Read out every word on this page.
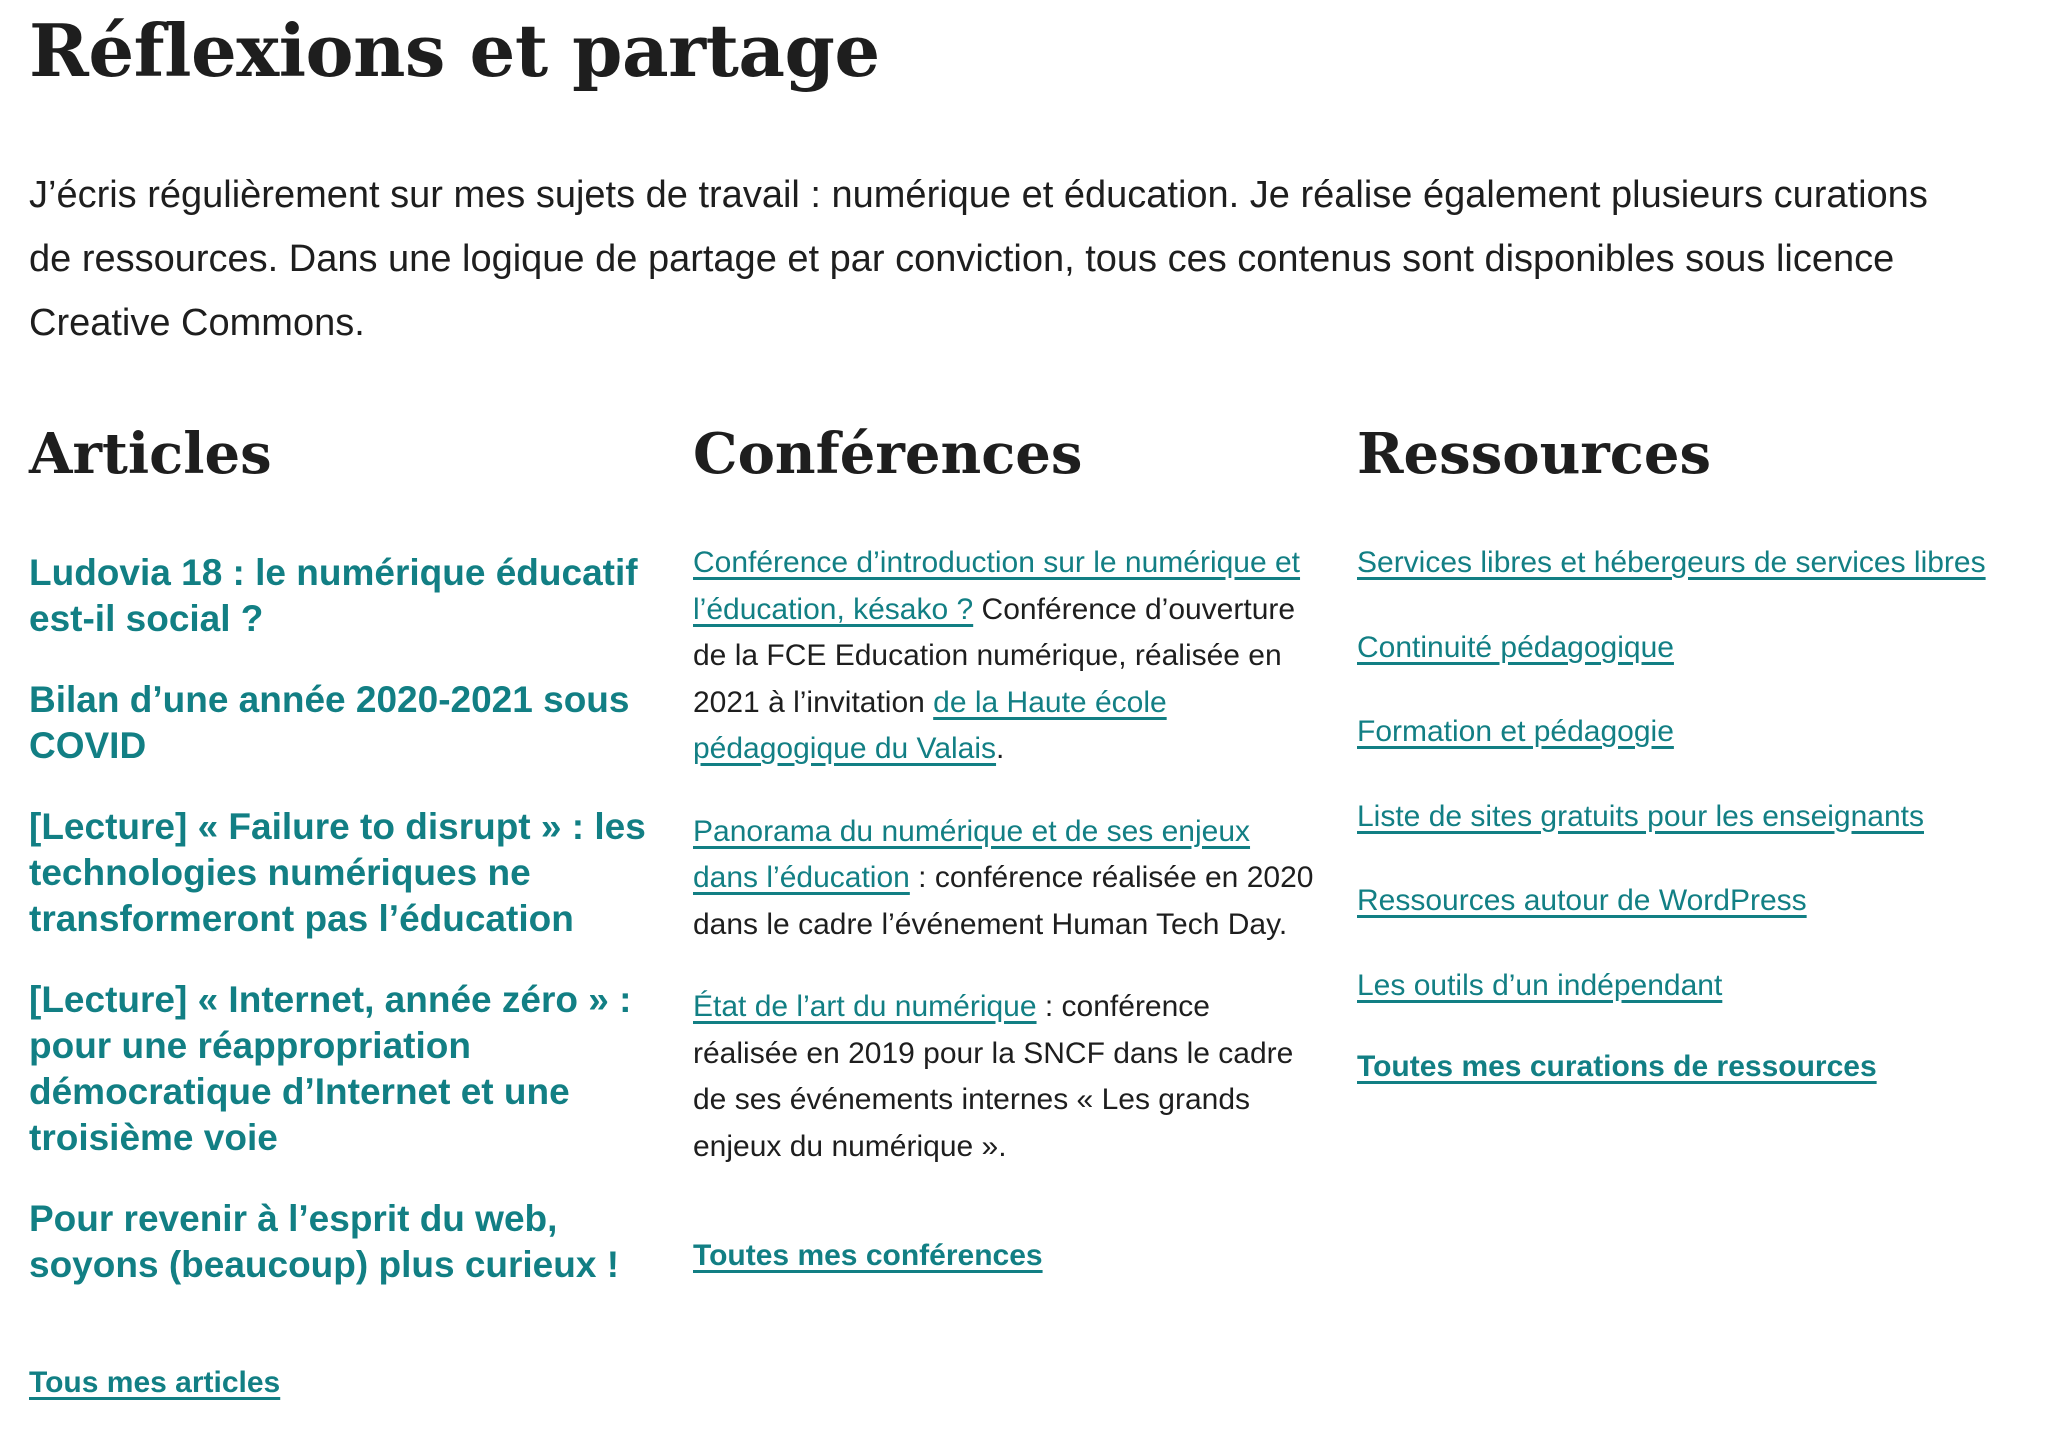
Réflexions et partage

J’écris régulièrement sur mes sujets de travail : numérique et éducation. Je réalise également plusieurs curations de ressources. Dans une logique de partage et par conviction, tous ces contenus sont disponibles sous licence Creative Commons.

Articles
Ludovia 18 : le numérique éducatif est-il social ?
Bilan d’une année 2020-2021 sous COVID
[Lecture] « Failure to disrupt » : les technologies numériques ne transformeront pas l’éducation
[Lecture] « Internet, année zéro » : pour une réappropriation démocratique d’Internet et une troisième voie
Pour revenir à l’esprit du web, soyons (beaucoup) plus curieux !
Tous mes articles
Conférences
Conférence d’introduction sur le numérique et l’éducation, késako ? Conférence d’ouverture de la FCE Education numérique, réalisée en 2021 à l’invitation de la Haute école pédagogique du Valais.
Panorama du numérique et de ses enjeux dans l’éducation : conférence réalisée en 2020 dans le cadre l’événement Human Tech Day.
État de l’art du numérique : conférence réalisée en 2019 pour la SNCF dans le cadre de ses événements internes « Les grands enjeux du numérique ».
Toutes mes conférences
Ressources
Services libres et hébergeurs de services libres
Continuité pédagogique
Formation et pédagogie
Liste de sites gratuits pour les enseignants
Ressources autour de WordPress
Les outils d’un indépendant
Toutes mes curations de ressources
